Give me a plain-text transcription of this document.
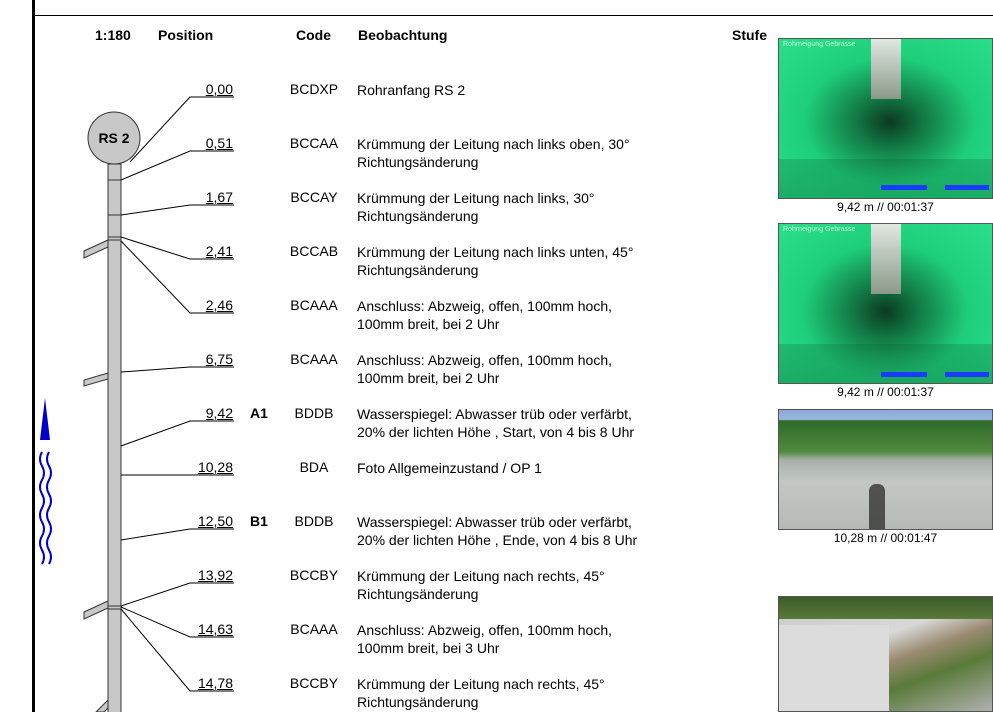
1:180 Position	Code Beobachtung	Stufe
RS 2
0,00	BCDXP	Rohranfang RS 2
0,51	BCCAA	Krümmung der Leitung nach links oben, 30°
Richtungsänderung
1,67	BCCAY	Krümmung der Leitung nach links, 30°
Richtungsänderung
2,41	BCCAB	Krümmung der Leitung nach links unten, 45°
Richtungsänderung
2,46	BCAAA	Anschluss: Abzweig, offen, 100mm hoch,
100mm breit, bei 2 Uhr
6,75	BCAAA	Anschluss: Abzweig, offen, 100mm hoch,
100mm breit, bei 2 Uhr
9,42 A1	BDDB	Wasserspiegel: Abwasser trüb oder verfärbt,
20% der lichten Höhe , Start, von 4 bis 8 Uhr
10,28	BDA	Foto Allgemeinzustand / OP 1
12,50 B1	BDDB	Wasserspiegel: Abwasser trüb oder verfärbt,
20% der lichten Höhe , Ende, von 4 bis 8 Uhr
13,92	BCCBY	Krümmung der Leitung nach rechts, 45°
Richtungsänderung
14,63	BCAAA	Anschluss: Abzweig, offen, 100mm hoch,
100mm breit, bei 3 Uhr
14,78	BCCBY	Krümmung der Leitung nach rechts, 45°
Richtungsänderung
Rohrneigung Gebrasse
9,42 m // 00:01:37
Rohrneigung Gebrasse
9,42 m // 00:01:37
10,28 m // 00:01:47
